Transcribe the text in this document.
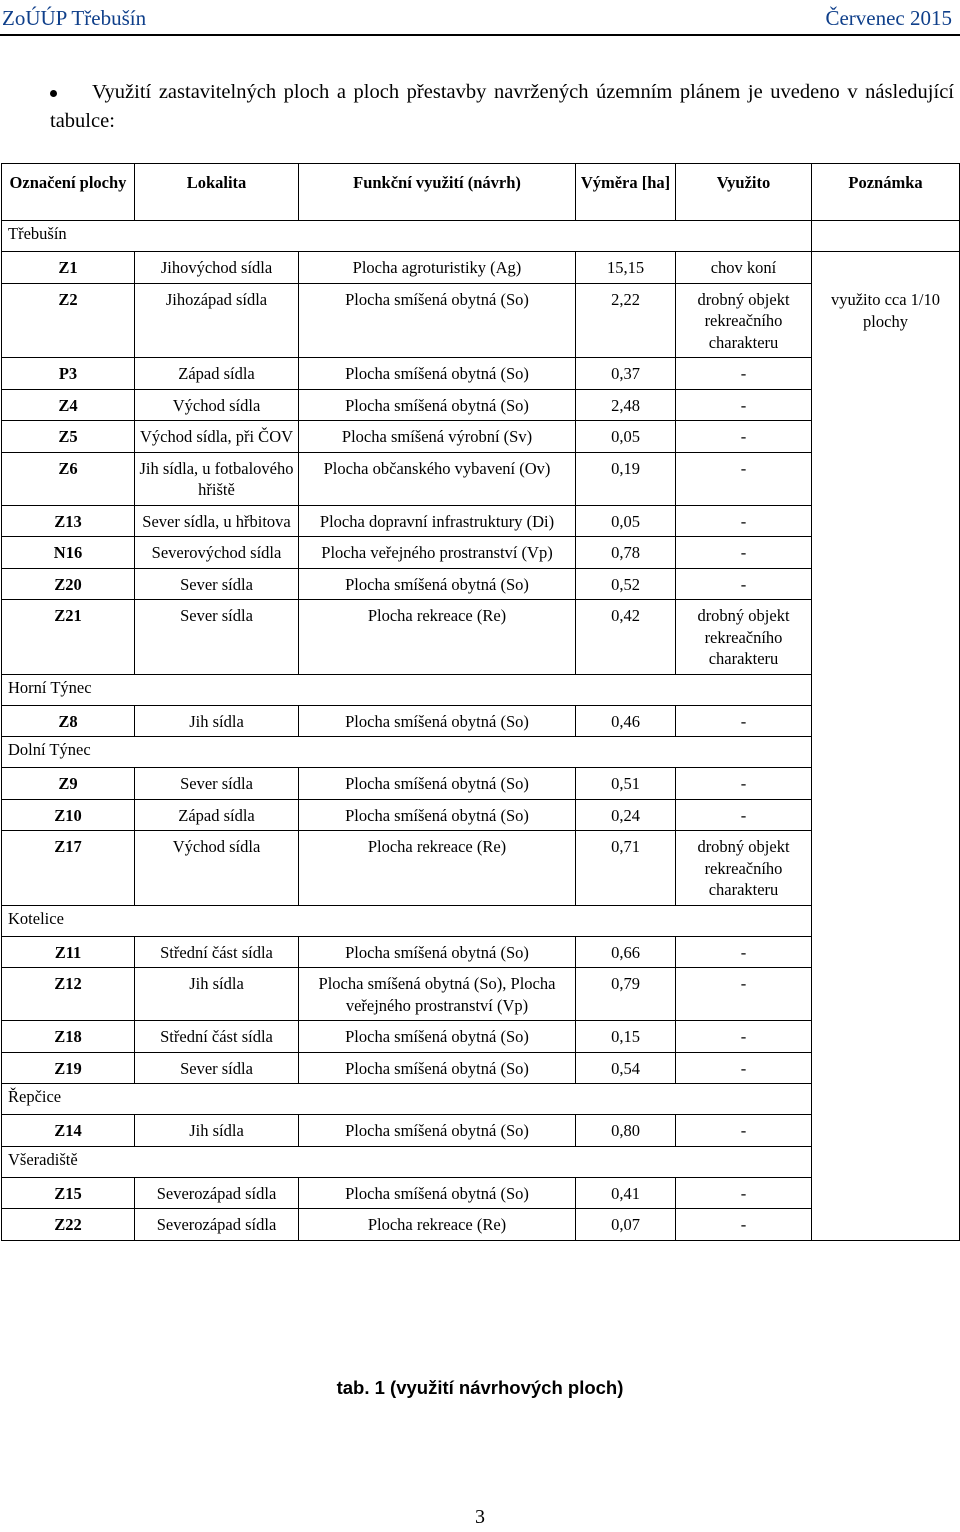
ZoÚÚP Třebušín	Červenec 2015

Využití zastavitelných ploch a ploch přestavby navržených územním plánem je uvedeno v následující tabulce:

Označení plochy	Lokalita	Funkční využití (návrh)	Výměra [ha]	Využito	Poznámka
Třebušín					
Z1	Jihovýchod sídla	Plocha agroturistiky (Ag)	15,15	chov koní	využito cca 1/10 plochy
Z2	Jihozápad sídla	Plocha smíšená obytná (So)	2,22	drobný objekt rekreačního charakteru	
P3	Západ sídla	Plocha smíšená obytná (So)	0,37	-	
Z4	Východ sídla	Plocha smíšená obytná (So)	2,48	-	
Z5	Východ sídla, při ČOV	Plocha smíšená výrobní (Sv)	0,05	-	
Z6	Jih sídla, u fotbalového hřiště	Plocha občanského vybavení (Ov)	0,19	-	
Z13	Sever sídla, u hřbitova	Plocha dopravní infrastruktury (Di)	0,05	-	
N16	Severovýchod sídla	Plocha veřejného prostranství (Vp)	0,78	-	
Z20	Sever sídla	Plocha smíšená obytná (So)	0,52	-	
Z21	Sever sídla	Plocha rekreace (Re)	0,42	drobný objekt rekreačního charakteru	
Horní Týnec					
Z8	Jih sídla	Plocha smíšená obytná (So)	0,46	-	
Dolní Týnec					
Z9	Sever sídla	Plocha smíšená obytná (So)	0,51	-	
Z10	Západ sídla	Plocha smíšená obytná (So)	0,24	-	
Z17	Východ sídla	Plocha rekreace (Re)	0,71	drobný objekt rekreačního charakteru	
Kotelice					
Z11	Střední část sídla	Plocha smíšená obytná (So)	0,66	-	
Z12	Jih sídla	Plocha smíšená obytná (So), Plocha veřejného prostranství (Vp)	0,79	-	
Z18	Střední část sídla	Plocha smíšená obytná (So)	0,15	-	
Z19	Sever sídla	Plocha smíšená obytná (So)	0,54	-	
Řepčice					
Z14	Jih sídla	Plocha smíšená obytná (So)	0,80	-	
Všeradiště					
Z15	Severozápad sídla	Plocha smíšená obytná (So)	0,41	-	
Z22	Severozápad sídla	Plocha rekreace (Re)	0,07	-	
tab. 1 (využití návrhových ploch)
3
